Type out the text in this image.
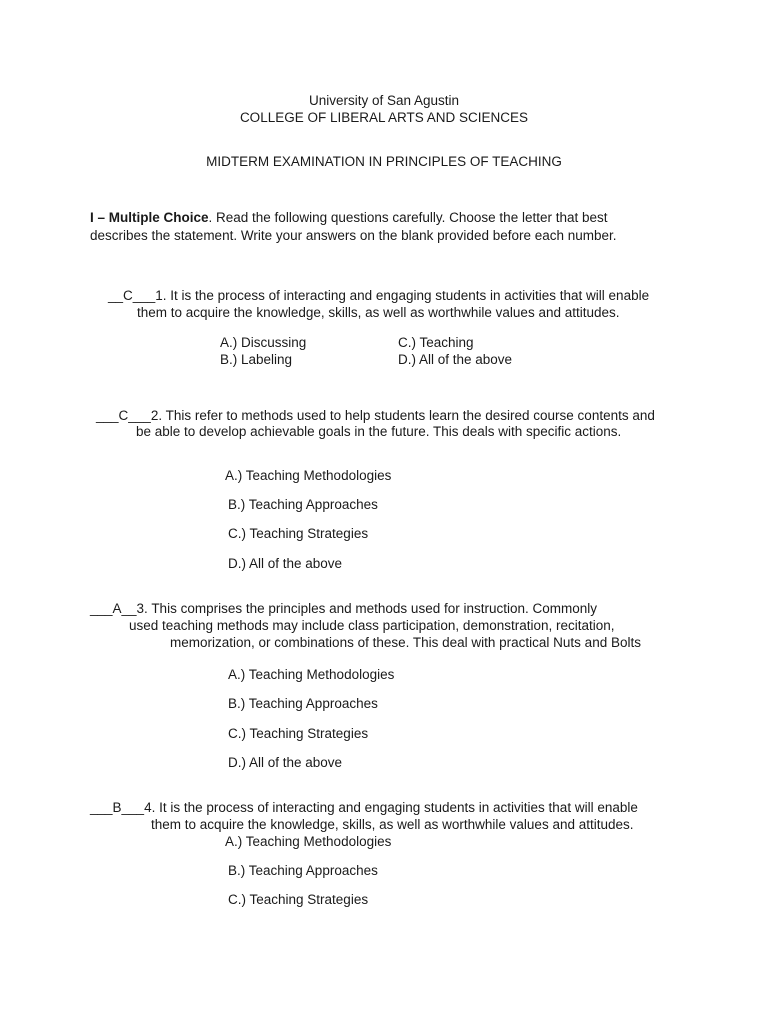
University of San Agustin
COLLEGE OF LIBERAL ARTS AND SCIENCES
MIDTERM EXAMINATION IN PRINCIPLES OF TEACHING
I – Multiple Choice. Read the following questions carefully. Choose the letter that best
describes the statement. Write your answers on the blank provided before each number.
__C___1. It is the process of interacting and engaging students in activities that will enable
them to acquire the knowledge, skills, as well as worthwhile values and attitudes.
A.) Discussing	C.) Teaching
B.) Labeling	D.) All of the above
___C___2. This refer to methods used to help students learn the desired course contents and
be able to develop achievable goals in the future. This deals with specific actions.
A.) Teaching Methodologies
B.) Teaching Approaches
C.) Teaching Strategies
D.) All of the above
___A__3. This comprises the principles and methods used for instruction. Commonly
used teaching methods may include class participation, demonstration, recitation,
memorization, or combinations of these. This deal with practical Nuts and Bolts
A.) Teaching Methodologies
B.) Teaching Approaches
C.) Teaching Strategies
D.) All of the above
___B___4. It is the process of interacting and engaging students in activities that will enable
them to acquire the knowledge, skills, as well as worthwhile values and attitudes.
A.) Teaching Methodologies
B.) Teaching Approaches
C.) Teaching Strategies
